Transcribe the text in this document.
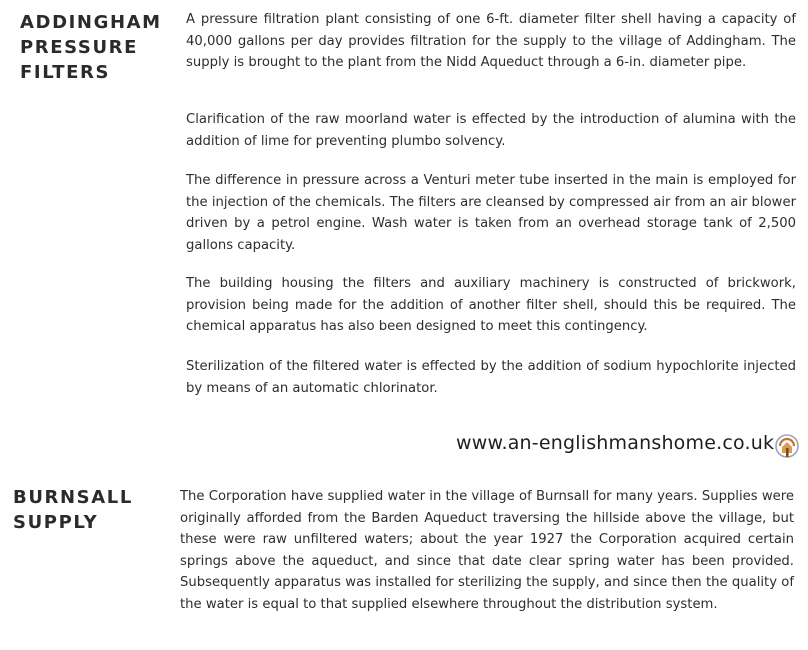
ADDINGHAM
PRESSURE
FILTERS

A pressure filtration plant consisting of one 6-ft. diameter filter shell having a capacity of 40,000 gallons per day provides filtration for the supply to the village of Addingham. The supply is brought to the plant from the Nidd Aqueduct through a 6-in. diameter pipe.

Clarification of the raw moorland water is effected by the introduction of alumina with the addition of lime for preventing plumbo solvency.

The difference in pressure across a Venturi meter tube inserted in the main is employed for the injection of the chemicals. The filters are cleansed by compressed air from an air blower driven by a petrol engine. Wash water is taken from an overhead storage tank of 2,500 gallons capacity.

The building housing the filters and auxiliary machinery is constructed of brickwork, provision being made for the addition of another filter shell, should this be required. The chemical apparatus has also been designed to meet this contingency.

Sterilization of the filtered water is effected by the addition of sodium hypochlorite injected by means of an automatic chlorinator.

www.an-englishmanshome.co.uk
BURNSALL
SUPPLY

The Corporation have supplied water in the village of Burnsall for many years. Supplies were originally afforded from the Barden Aqueduct traversing the hillside above the village, but these were raw unfiltered waters; about the year 1927 the Corporation acquired certain springs above the aqueduct, and since that date clear spring water has been provided. Subsequently apparatus was installed for sterilizing the supply, and since then the quality of the water is equal to that supplied elsewhere throughout the distribution system.
